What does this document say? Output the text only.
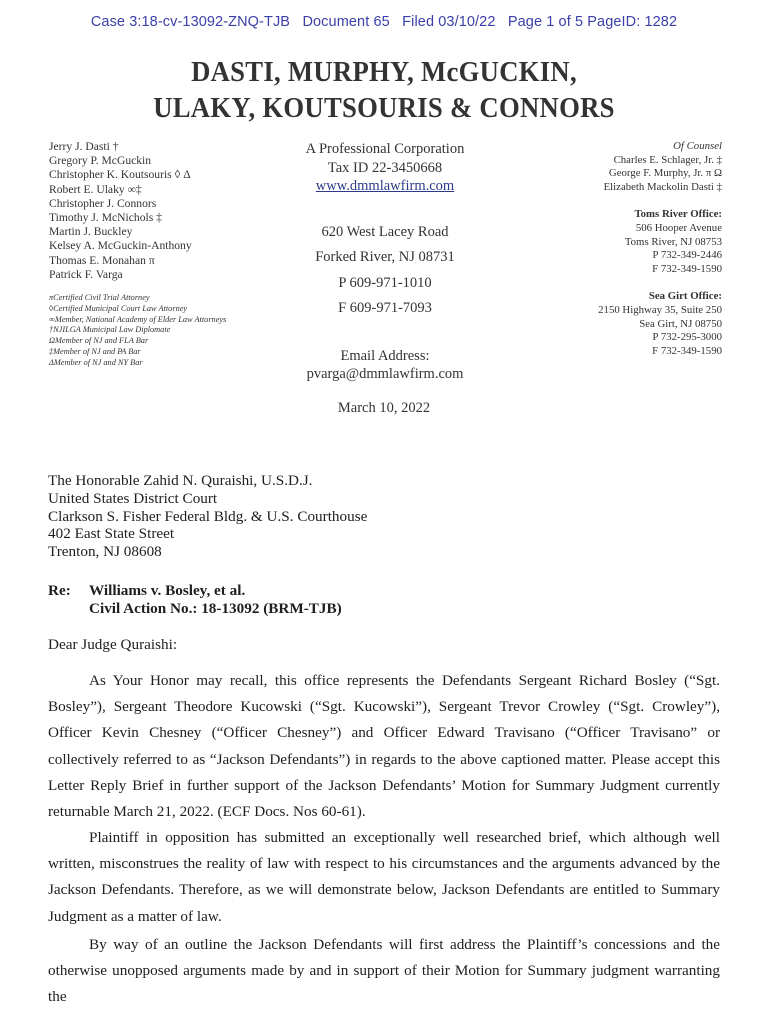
Case 3:18-cv-13092-ZNQ-TJB   Document 65   Filed 03/10/22   Page 1 of 5 PageID: 1282
DASTI, MURPHY, McGUCKIN,
ULAKY, KOUTSOURIS & CONNORS
Jerry J. Dasti †
Gregory P. McGuckin
Christopher K. Koutsouris ◊ Δ
Robert E. Ulaky ∞‡
Christopher J. Connors
Timothy J. McNichols ‡
Martin J. Buckley
Kelsey A. McGuckin-Anthony
Thomas E. Monahan π
Patrick F. Varga
πCertified Civil Trial Attorney
◊Certified Municipal Court Law Attorney
∞Member, National Academy of Elder Law Attorneys
†NJILGA Municipal Law Diplomate
ΩMember of NJ and FLA Bar
‡Member of NJ and PA Bar
ΔMember of NJ and NY Bar
A Professional Corporation
Tax ID 22-3450668
www.dmmlawfirm.com
620 West Lacey Road
Forked River, NJ 08731
P 609-971-1010
F 609-971-7093
Email Address:
pvarga@dmmlawfirm.com
Of Counsel
Charles E. Schlager, Jr. ‡
George F. Murphy, Jr. π Ω
Elizabeth Mackolin Dasti ‡
Toms River Office:
506 Hooper Avenue
Toms River, NJ 08753
P 732-349-2446
F 732-349-1590
Sea Girt Office:
2150 Highway 35, Suite 250
Sea Girt, NJ 08750
P 732-295-3000
F 732-349-1590
March 10, 2022
The Honorable Zahid N. Quraishi, U.S.D.J.
United States District Court
Clarkson S. Fisher Federal Bldg. & U.S. Courthouse
402 East State Street
Trenton, NJ 08608
Re: Williams v. Bosley, et al.
Civil Action No.: 18-13092 (BRM-TJB)
Dear Judge Quraishi:

As Your Honor may recall, this office represents the Defendants Sergeant Richard Bosley (“Sgt. Bosley”), Sergeant Theodore Kucowski (“Sgt. Kucowski”), Sergeant Trevor Crowley (“Sgt. Crowley”), Officer Kevin Chesney (“Officer Chesney”) and Officer Edward Travisano (“Officer Travisano” or collectively referred to as “Jackson Defendants”) in regards to the above captioned matter. Please accept this Letter Reply Brief in further support of the Jackson Defendants’ Motion for Summary Judgment currently returnable March 21, 2022. (ECF Docs. Nos 60-61).

Plaintiff in opposition has submitted an exceptionally well researched brief, which although well written, misconstrues the reality of law with respect to his circumstances and the arguments advanced by the Jackson Defendants. Therefore, as we will demonstrate below, Jackson Defendants are entitled to Summary Judgment as a matter of law.

By way of an outline the Jackson Defendants will first address the Plaintiff’s concessions and the otherwise unopposed arguments made by and in support of their Motion for Summary judgment warranting the
